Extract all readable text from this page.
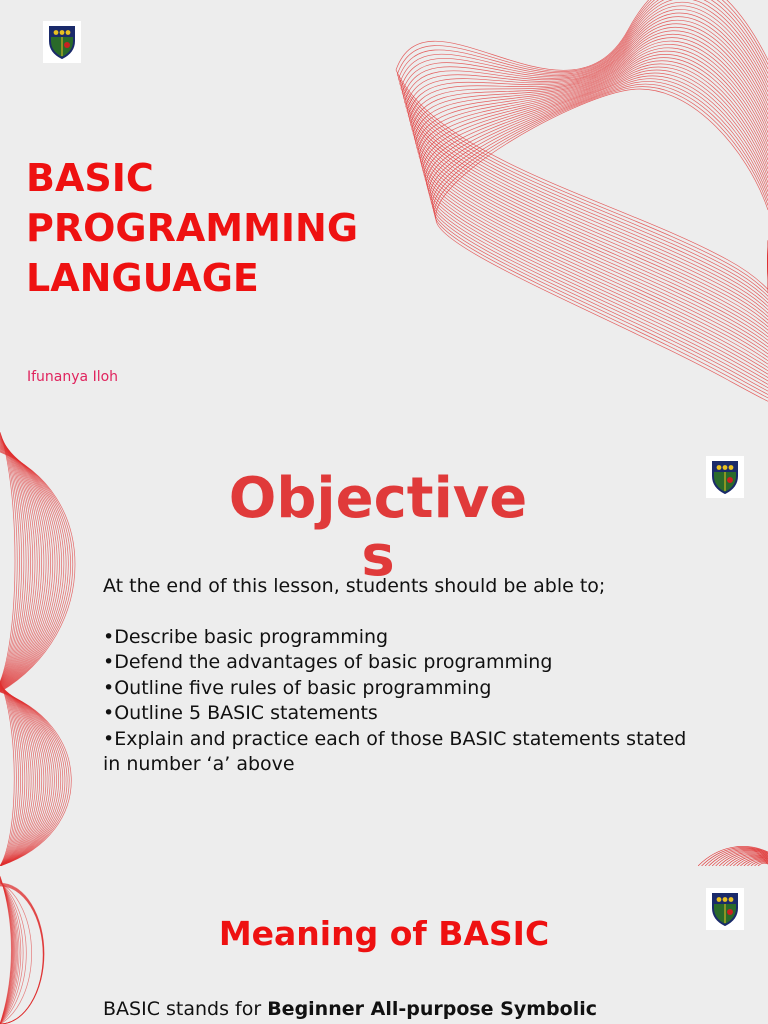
BASIC
PROGRAMMING
LANGUAGE
Ifunanya Iloh
Objective
s

At the end of this lesson, students should be able to;

•Describe basic programming
•Defend the advantages of basic programming
•Outline five rules of basic programming
•Outline 5 BASIC statements
•Explain and practice each of those BASIC statements stated in number ‘a’ above
Meaning of BASIC

BASIC stands for Beginner All-purpose Symbolic
